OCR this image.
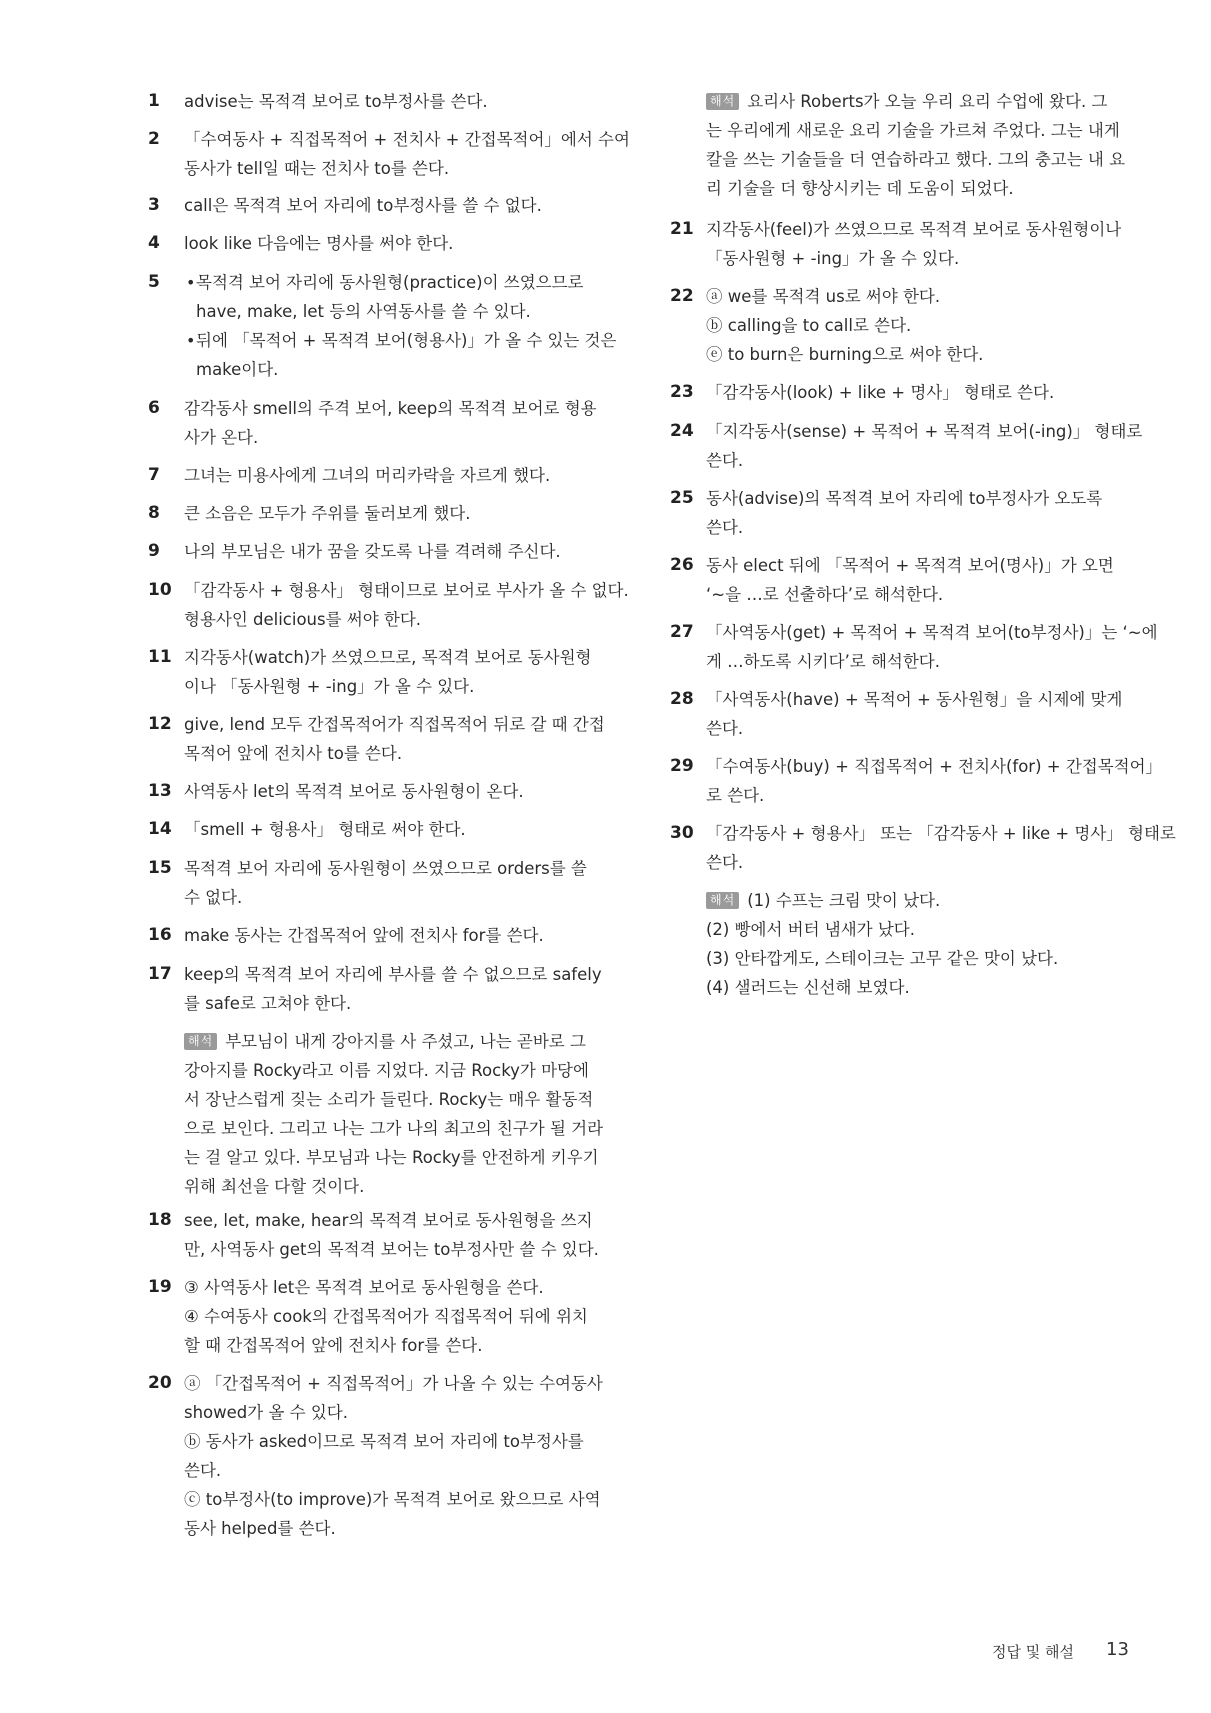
1 advise는 목적격 보어로 to부정사를 쓴다.
2 「수여동사 + 직접목적어 + 전치사 + 간접목적어」에서 수여
동사가 tell일 때는 전치사 to를 쓴다.
3 call은 목적격 보어 자리에 to부정사를 쓸 수 없다.
4 look like 다음에는 명사를 써야 한다.
5 • 목적격 보어 자리에 동사원형(practice)이 쓰였으므로
have, make, let 등의 사역동사를 쓸 수 있다.
• 뒤에 「목적어 + 목적격 보어(형용사)」가 올 수 있는 것은
make이다.
6 감각동사 smell의 주격 보어, keep의 목적격 보어로 형용
사가 온다.
7 그녀는 미용사에게 그녀의 머리카락을 자르게 했다.
8 큰 소음은 모두가 주위를 둘러보게 했다.
9 나의 부모님은 내가 꿈을 갖도록 나를 격려해 주신다.
10 「감각동사 + 형용사」 형태이므로 보어로 부사가 올 수 없다.
형용사인 delicious를 써야 한다.
11 지각동사(watch)가 쓰였으므로, 목적격 보어로 동사원형
이나 「동사원형 + -ing」가 올 수 있다.
12 give, lend 모두 간접목적어가 직접목적어 뒤로 갈 때 간접
목적어 앞에 전치사 to를 쓴다.
13 사역동사 let의 목적격 보어로 동사원형이 온다.
14 「smell + 형용사」 형태로 써야 한다.
15 목적격 보어 자리에 동사원형이 쓰였으므로 orders를 쓸
수 없다.
16 make 동사는 간접목적어 앞에 전치사 for를 쓴다.
17 keep의 목적격 보어 자리에 부사를 쓸 수 없으므로 safely
를 safe로 고쳐야 한다.
해석 부모님이 내게 강아지를 사 주셨고, 나는 곧바로 그
강아지를 Rocky라고 이름 지었다. 지금 Rocky가 마당에
서 장난스럽게 짖는 소리가 들린다. Rocky는 매우 활동적
으로 보인다. 그리고 나는 그가 나의 최고의 친구가 될 거라
는 걸 알고 있다. 부모님과 나는 Rocky를 안전하게 키우기
위해 최선을 다할 것이다.
18 see, let, make, hear의 목적격 보어로 동사원형을 쓰지
만, 사역동사 get의 목적격 보어는 to부정사만 쓸 수 있다.
19 ③ 사역동사 let은 목적격 보어로 동사원형을 쓴다.
④ 수여동사 cook의 간접목적어가 직접목적어 뒤에 위치
할 때 간접목적어 앞에 전치사 for를 쓴다.
20 ⓐ 「간접목적어 + 직접목적어」가 나올 수 있는 수여동사
showed가 올 수 있다.
ⓑ 동사가 asked이므로 목적격 보어 자리에 to부정사를
쓴다.
ⓒ to부정사(to improve)가 목적격 보어로 왔으므로 사역
동사 helped를 쓴다.
해석 요리사 Roberts가 오늘 우리 요리 수업에 왔다. 그
는 우리에게 새로운 요리 기술을 가르쳐 주었다. 그는 내게
칼을 쓰는 기술들을 더 연습하라고 했다. 그의 충고는 내 요
리 기술을 더 향상시키는 데 도움이 되었다.
21 지각동사(feel)가 쓰였으므로 목적격 보어로 동사원형이나
「동사원형 + -ing」가 올 수 있다.
22 ⓐ we를 목적격 us로 써야 한다.
ⓑ calling을 to call로 쓴다.
ⓔ to burn은 burning으로 써야 한다.
23 「감각동사(look) + like + 명사」 형태로 쓴다.
24 「지각동사(sense) + 목적어 + 목적격 보어(-ing)」 형태로
쓴다.
25 동사(advise)의 목적격 보어 자리에 to부정사가 오도록
쓴다.
26 동사 elect 뒤에 「목적어 + 목적격 보어(명사)」가 오면
‘~을 …로 선출하다’로 해석한다.
27 「사역동사(get) + 목적어 + 목적격 보어(to부정사)」는 ‘~에
게 …하도록 시키다’로 해석한다.
28 「사역동사(have) + 목적어 + 동사원형」을 시제에 맞게
쓴다.
29 「수여동사(buy) + 직접목적어 + 전치사(for) + 간접목적어」
로 쓴다.
30 「감각동사 + 형용사」 또는 「감각동사 + like + 명사」 형태로
쓴다.
해석 (1) 수프는 크림 맛이 났다.
(2) 빵에서 버터 냄새가 났다.
(3) 안타깝게도, 스테이크는 고무 같은 맛이 났다.
(4) 샐러드는 신선해 보였다.
정답 및 해설 13
